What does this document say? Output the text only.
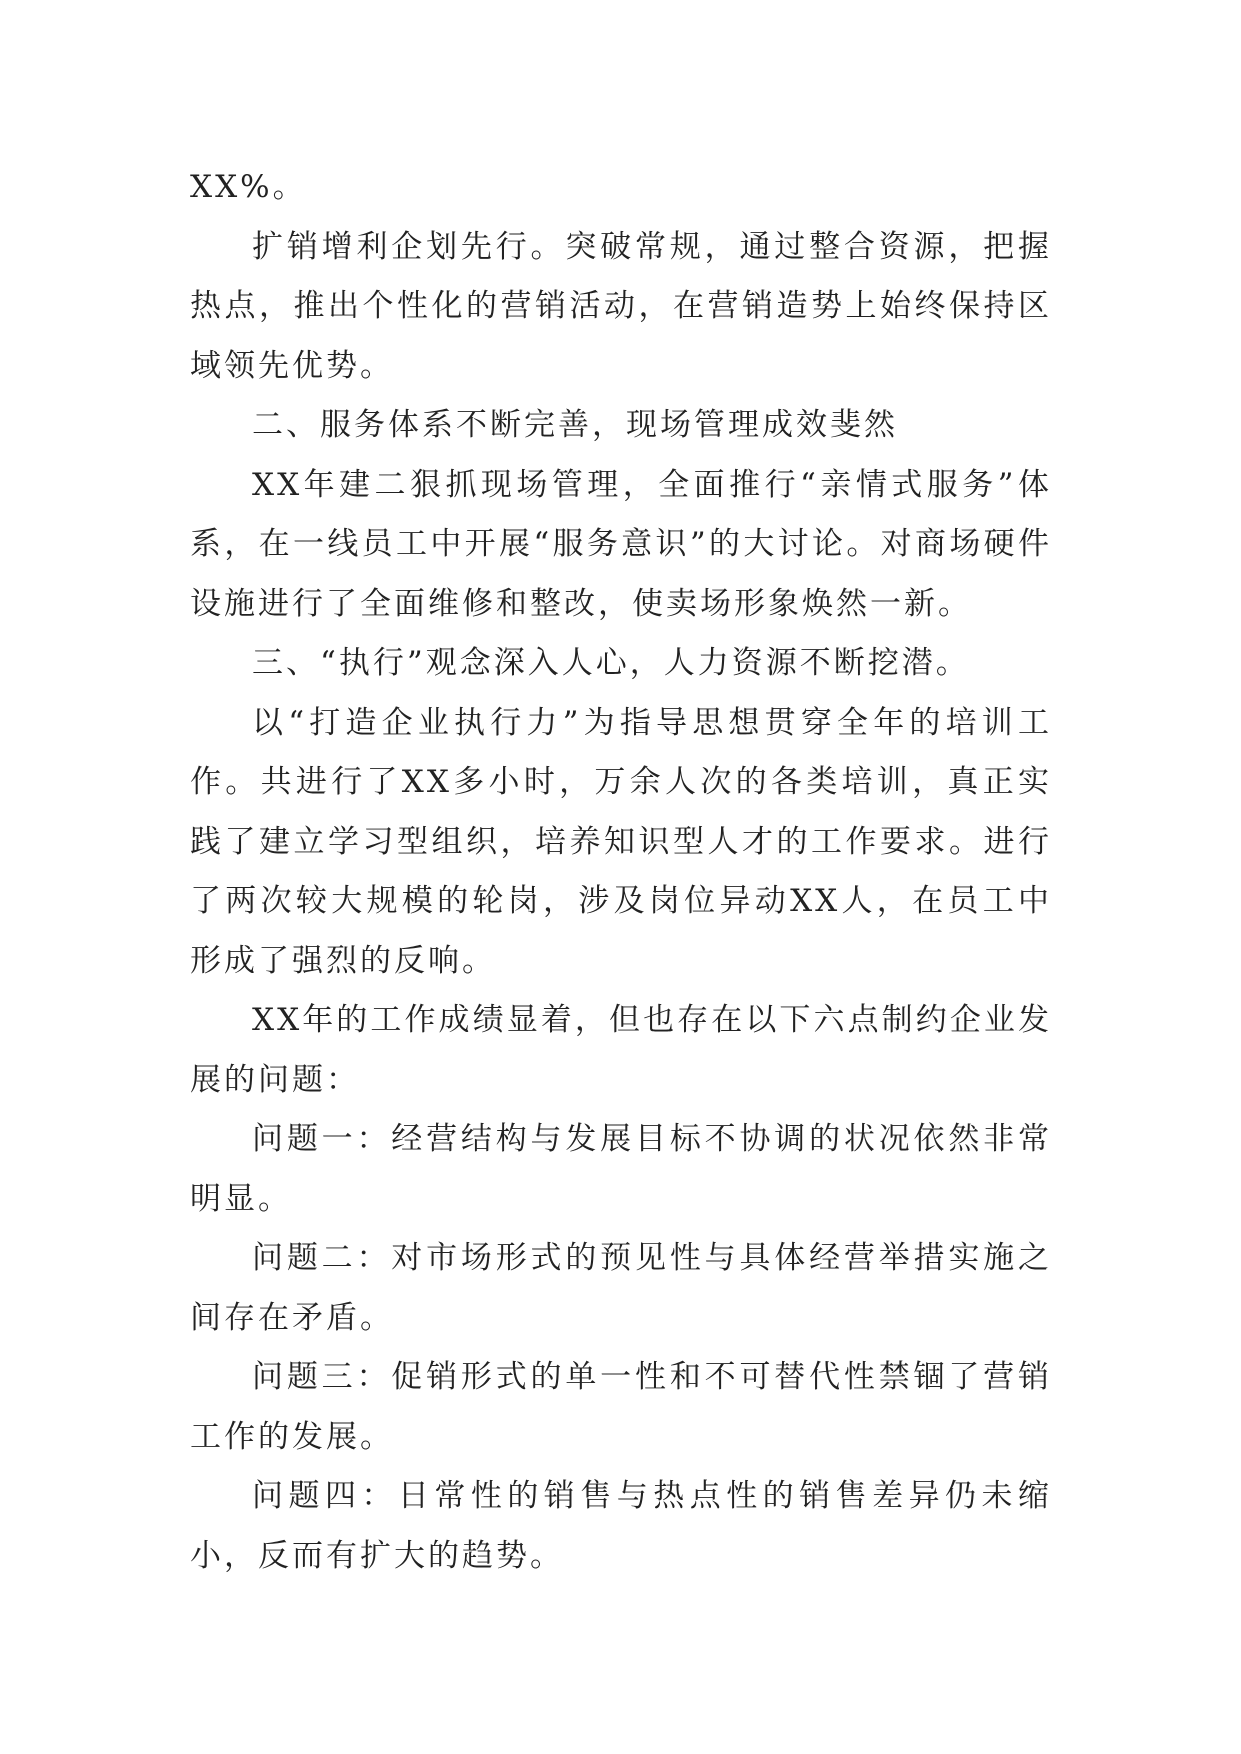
XX%。

扩销增利企划先行。突破常规，通过整合资源，把握热点，推出个性化的营销活动，在营销造势上始终保持区域领先优势。

二、服务体系不断完善，现场管理成效斐然

XX年建二狠抓现场管理，全面推行“亲情式服务”体系，在一线员工中开展“服务意识”的大讨论。对商场硬件设施进行了全面维修和整改，使卖场形象焕然一新。

三、“执行”观念深入人心，人力资源不断挖潜。

以“打造企业执行力”为指导思想贯穿全年的培训工作。共进行了XX多小时，万余人次的各类培训，真正实践了建立学习型组织，培养知识型人才的工作要求。进行了两次较大规模的轮岗，涉及岗位异动XX人，在员工中形成了强烈的反响。

XX年的工作成绩显着，但也存在以下六点制约企业发展的问题：

问题一：经营结构与发展目标不协调的状况依然非常明显。

问题二：对市场形式的预见性与具体经营举措实施之间存在矛盾。

问题三：促销形式的单一性和不可替代性禁锢了营销工作的发展。

问题四：日常性的销售与热点性的销售差异仍未缩小，反而有扩大的趋势。
